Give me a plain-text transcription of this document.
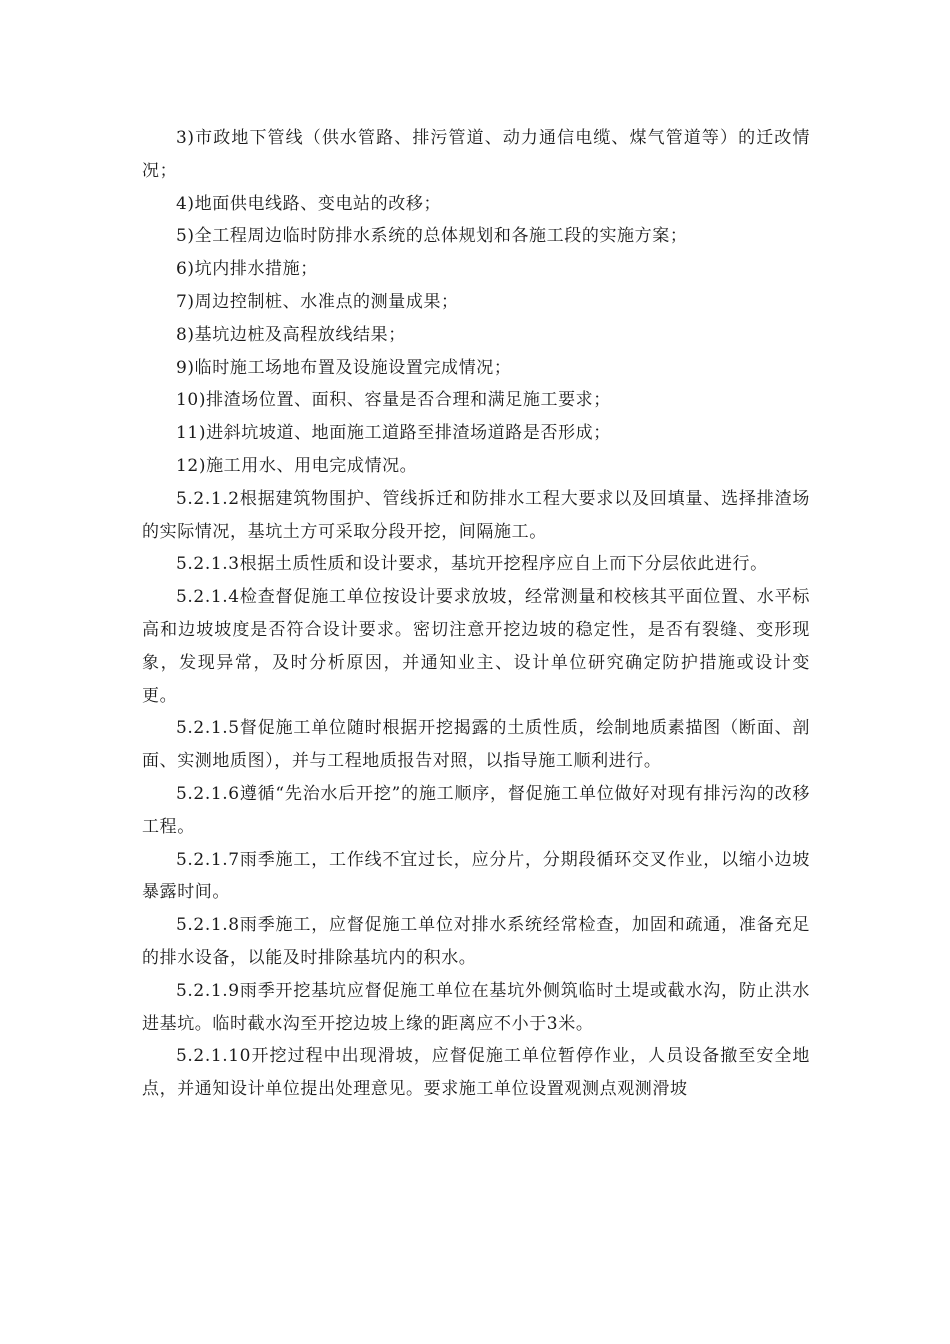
3)市政地下管线（供水管路、排污管道、动力通信电缆、煤气管道等）的迁改情况；

4)地面供电线路、变电站的改移；

5)全工程周边临时防排水系统的总体规划和各施工段的实施方案；

6)坑内排水措施；

7)周边控制桩、水准点的测量成果；

8)基坑边桩及高程放线结果；

9)临时施工场地布置及设施设置完成情况；

10)排渣场位置、面积、容量是否合理和满足施工要求；

11)进斜坑坡道、地面施工道路至排渣场道路是否形成；

12)施工用水、用电完成情况。

5.2.1.2根据建筑物围护、管线拆迁和防排水工程大要求以及回填量、选择排渣场的实际情况，基坑土方可采取分段开挖，间隔施工。

5.2.1.3根据土质性质和设计要求，基坑开挖程序应自上而下分层依此进行。

5.2.1.4检查督促施工单位按设计要求放坡，经常测量和校核其平面位置、水平标高和边坡坡度是否符合设计要求。密切注意开挖边坡的稳定性，是否有裂缝、变形现象，发现异常，及时分析原因，并通知业主、设计单位研究确定防护措施或设计变更。

5.2.1.5督促施工单位随时根据开挖揭露的土质性质，绘制地质素描图（断面、剖面、实测地质图），并与工程地质报告对照，以指导施工顺利进行。

5.2.1.6遵循“先治水后开挖”的施工顺序，督促施工单位做好对现有排污沟的改移工程。

5.2.1.7雨季施工，工作线不宜过长，应分片，分期段循环交叉作业，以缩小边坡暴露时间。

5.2.1.8雨季施工，应督促施工单位对排水系统经常检查，加固和疏通，准备充足的排水设备，以能及时排除基坑内的积水。

5.2.1.9雨季开挖基坑应督促施工单位在基坑外侧筑临时土堤或截水沟，防止洪水进基坑。临时截水沟至开挖边坡上缘的距离应不小于3米。

5.2.1.10开挖过程中出现滑坡，应督促施工单位暂停作业，人员设备撤至安全地点，并通知设计单位提出处理意见。要求施工单位设置观测点观测滑坡
